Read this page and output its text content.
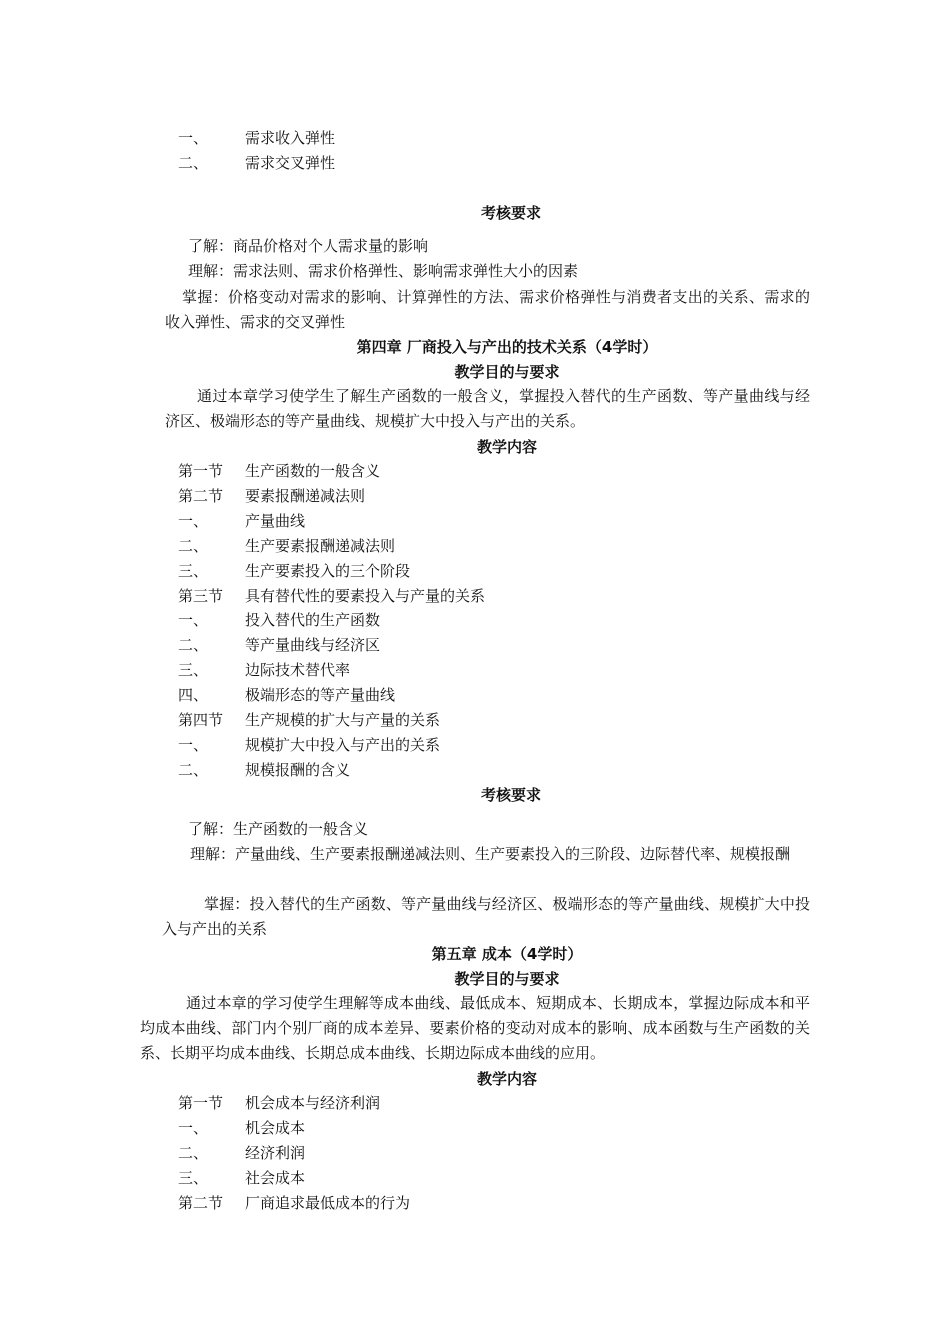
一、 需求收入弹性
二、 需求交叉弹性
考核要求
了解：商品价格对个人需求量的影响
理解：需求法则、需求价格弹性、影响需求弹性大小的因素
掌握：价格变动对需求的影响、计算弹性的方法、需求价格弹性与消费者支出的关系、需求的收入弹性、需求的交叉弹性
第四章 厂商投入与产出的技术关系（4学时）
教学目的与要求
通过本章学习使学生了解生产函数的一般含义，掌握投入替代的生产函数、等产量曲线与经济区、极端形态的等产量曲线、规模扩大中投入与产出的关系。
教学内容
第一节 生产函数的一般含义
第二节 要素报酬递减法则
一、 产量曲线
二、 生产要素报酬递减法则
三、 生产要素投入的三个阶段
第三节 具有替代性的要素投入与产量的关系
一、 投入替代的生产函数
二、 等产量曲线与经济区
三、 边际技术替代率
四、 极端形态的等产量曲线
第四节 生产规模的扩大与产量的关系
一、 规模扩大中投入与产出的关系
二、 规模报酬的含义
考核要求
了解：生产函数的一般含义
理解：产量曲线、生产要素报酬递减法则、生产要素投入的三阶段、边际替代率、规模报酬
掌握：投入替代的生产函数、等产量曲线与经济区、极端形态的等产量曲线、规模扩大中投入与产出的关系
第五章 成本（4学时）
教学目的与要求
通过本章的学习使学生理解等成本曲线、最低成本、短期成本、长期成本，掌握边际成本和平均成本曲线、部门内个别厂商的成本差异、要素价格的变动对成本的影响、成本函数与生产函数的关系、长期平均成本曲线、长期总成本曲线、长期边际成本曲线的应用。
教学内容
第一节 机会成本与经济利润
一、 机会成本
二、 经济利润
三、 社会成本
第二节 厂商追求最低成本的行为
